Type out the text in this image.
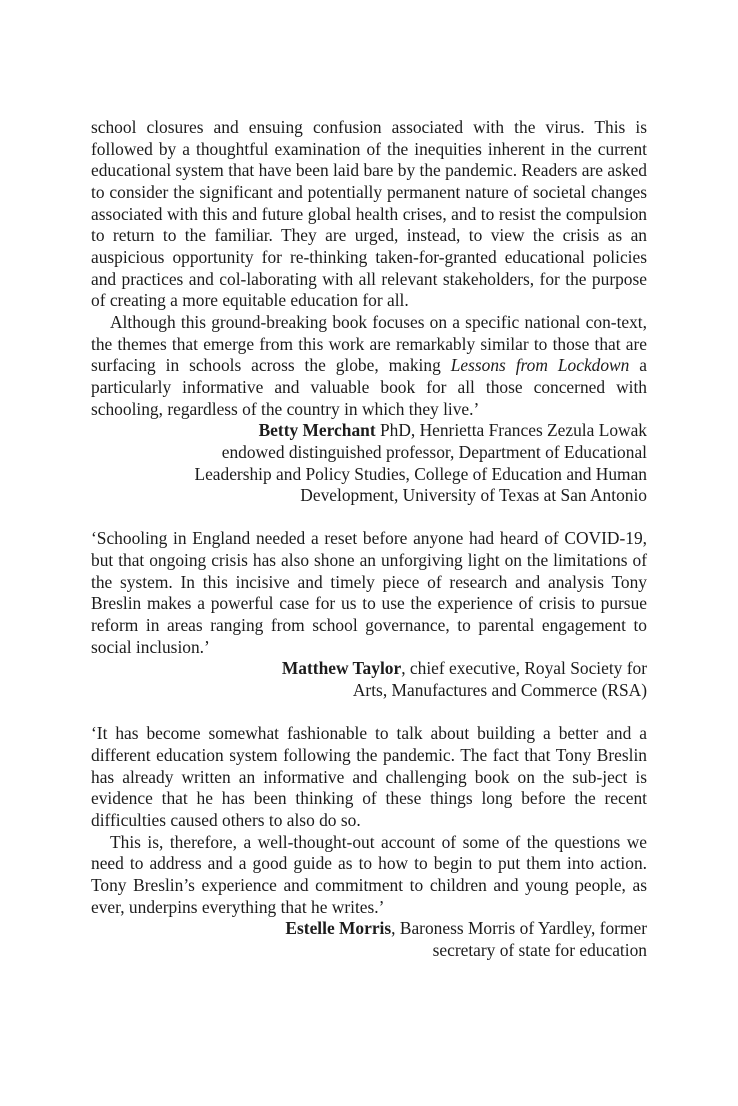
school closures and ensuing confusion associated with the virus. This is followed by a thoughtful examination of the inequities inherent in the current educational system that have been laid bare by the pandemic. Readers are asked to consider the significant and potentially permanent nature of societal changes associated with this and future global health crises, and to resist the compulsion to return to the familiar. They are urged, instead, to view the crisis as an auspicious opportunity for re-thinking taken-for-granted educational policies and practices and col-laborating with all relevant stakeholders, for the purpose of creating a more equitable education for all.

Although this ground-breaking book focuses on a specific national con-text, the themes that emerge from this work are remarkably similar to those that are surfacing in schools across the globe, making Lessons from Lockdown a particularly informative and valuable book for all those concerned with schooling, regardless of the country in which they live.’

Betty Merchant PhD, Henrietta Frances Zezula Lowak
endowed distinguished professor, Department of Educational
Leadership and Policy Studies, College of Education and Human
Development, University of Texas at San Antonio

‘Schooling in England needed a reset before anyone had heard of COVID-19, but that ongoing crisis has also shone an unforgiving light on the limitations of the system. In this incisive and timely piece of research and analysis Tony Breslin makes a powerful case for us to use the experience of crisis to pursue reform in areas ranging from school governance, to parental engagement to social inclusion.’

Matthew Taylor, chief executive, Royal Society for
Arts, Manufactures and Commerce (RSA)

‘It has become somewhat fashionable to talk about building a better and a different education system following the pandemic. The fact that Tony Breslin has already written an informative and challenging book on the sub-ject is evidence that he has been thinking of these things long before the recent difficulties caused others to also do so.

This is, therefore, a well-thought-out account of some of the questions we need to address and a good guide as to how to begin to put them into action. Tony Breslin’s experience and commitment to children and young people, as ever, underpins everything that he writes.’

Estelle Morris, Baroness Morris of Yardley, former
secretary of state for education
